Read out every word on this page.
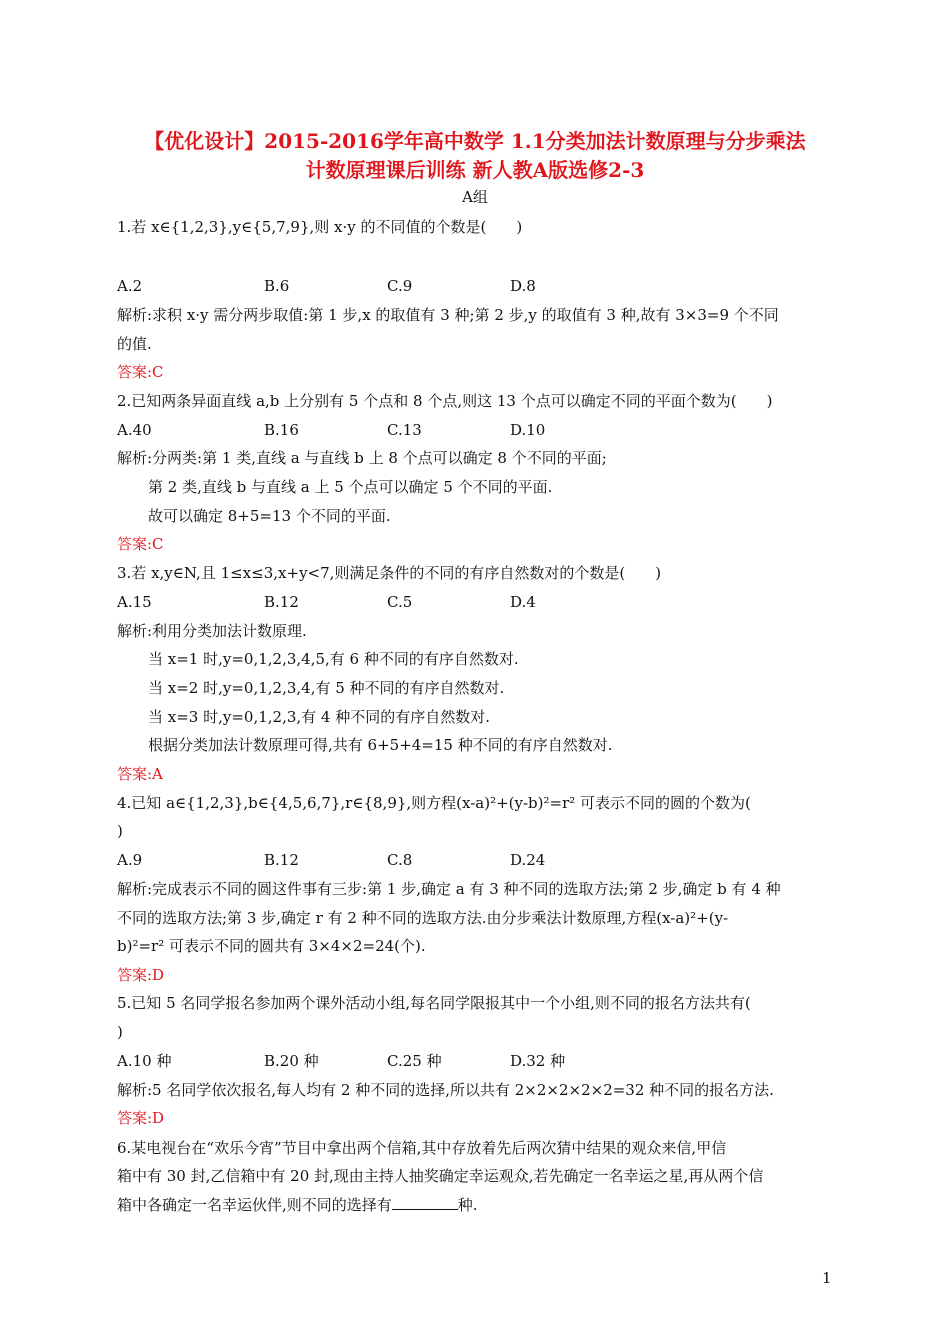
【优化设计】2015-2016学年高中数学 1.1分类加法计数原理与分步乘法
计数原理课后训练 新人教A版选修2-3
A组
1.若 x∈{1,2,3},y∈{5,7,9},则 x·y 的不同值的个数是(　　)
A.2	B.6	C.9	D.8
解析:求积 x·y 需分两步取值:第 1 步,x 的取值有 3 种;第 2 步,y 的取值有 3 种,故有 3×3=9 个不同
的值.
答案:C
2.已知两条异面直线 a,b 上分别有 5 个点和 8 个点,则这 13 个点可以确定不同的平面个数为(　　)
A.40	B.16	C.13	D.10
解析:分两类:第 1 类,直线 a 与直线 b 上 8 个点可以确定 8 个不同的平面;
第 2 类,直线 b 与直线 a 上 5 个点可以确定 5 个不同的平面.
故可以确定 8+5=13 个不同的平面.
答案:C
3.若 x,y∈N,且 1≤x≤3,x+y<7,则满足条件的不同的有序自然数对的个数是(　　)
A.15	B.12	C.5	D.4
解析:利用分类加法计数原理.
当 x=1 时,y=0,1,2,3,4,5,有 6 种不同的有序自然数对.
当 x=2 时,y=0,1,2,3,4,有 5 种不同的有序自然数对.
当 x=3 时,y=0,1,2,3,有 4 种不同的有序自然数对.
根据分类加法计数原理可得,共有 6+5+4=15 种不同的有序自然数对.
答案:A
4.已知 a∈{1,2,3},b∈{4,5,6,7},r∈{8,9},则方程(x-a)²+(y-b)²=r² 可表示不同的圆的个数为(
)
A.9	B.12	C.8	D.24
解析:完成表示不同的圆这件事有三步:第 1 步,确定 a 有 3 种不同的选取方法;第 2 步,确定 b 有 4 种
不同的选取方法;第 3 步,确定 r 有 2 种不同的选取方法.由分步乘法计数原理,方程(x-a)²+(y-
b)²=r² 可表示不同的圆共有 3×4×2=24(个).
答案:D
5.已知 5 名同学报名参加两个课外活动小组,每名同学限报其中一个小组,则不同的报名方法共有(
)
A.10 种	B.20 种	C.25 种	D.32 种
解析:5 名同学依次报名,每人均有 2 种不同的选择,所以共有 2×2×2×2×2=32 种不同的报名方法.
答案:D
6.某电视台在“欢乐今宵”节目中拿出两个信箱,其中存放着先后两次猜中结果的观众来信,甲信
箱中有 30 封,乙信箱中有 20 封,现由主持人抽奖确定幸运观众,若先确定一名幸运之星,再从两个信
箱中各确定一名幸运伙伴,则不同的选择有	种.
1
